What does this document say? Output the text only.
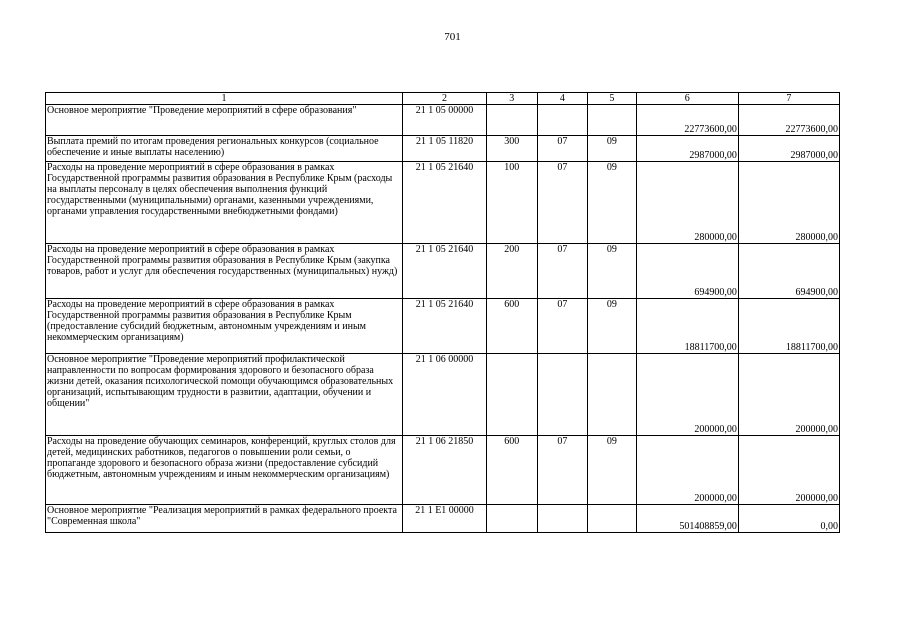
701
1	2	3	4	5	6	7
Основное мероприятие "Проведение мероприятий в сфере образования"	21 1 05 00000				22773600,00	22773600,00
Выплата премий по итогам проведения региональных конкурсов (социальное обеспечение и иные выплаты населению)	21 1 05 11820	300	07	09	2987000,00	2987000,00
Расходы на проведение мероприятий в сфере образования в рамках Государственной программы развития образования в Республике Крым (расходы на выплаты персоналу в целях обеспечения выполнения функций государственными (муниципальными) органами, казенными учреждениями, органами управления государственными внебюджетными фондами)	21 1 05 21640	100	07	09	280000,00	280000,00
Расходы на проведение мероприятий в сфере образования в рамках Государственной программы развития образования в Республике Крым (закупка товаров, работ и услуг для обеспечения государственных (муниципальных) нужд)	21 1 05 21640	200	07	09	694900,00	694900,00
Расходы на проведение мероприятий в сфере образования в рамках Государственной программы развития образования в Республике Крым (предоставление субсидий бюджетным, автономным учреждениям и иным некоммерческим организациям)	21 1 05 21640	600	07	09	18811700,00	18811700,00
Основное мероприятие "Проведение мероприятий профилактической направленности по вопросам формирования здорового и безопасного образа жизни детей, оказания психологической помощи обучающимся образовательных организаций, испытывающим трудности в развитии, адаптации, обучении и общении"	21 1 06 00000				200000,00	200000,00
Расходы на проведение обучающих семинаров, конференций, круглых столов для детей, медицинских работников, педагогов о повышении роли семьи, о пропаганде здорового и безопасного образа жизни (предоставление субсидий бюджетным, автономным учреждениям и иным некоммерческим организациям)	21 1 06 21850	600	07	09	200000,00	200000,00
Основное мероприятие "Реализация мероприятий в рамках федерального проекта "Современная школа"	21 1 E1 00000				501408859,00	0,00
